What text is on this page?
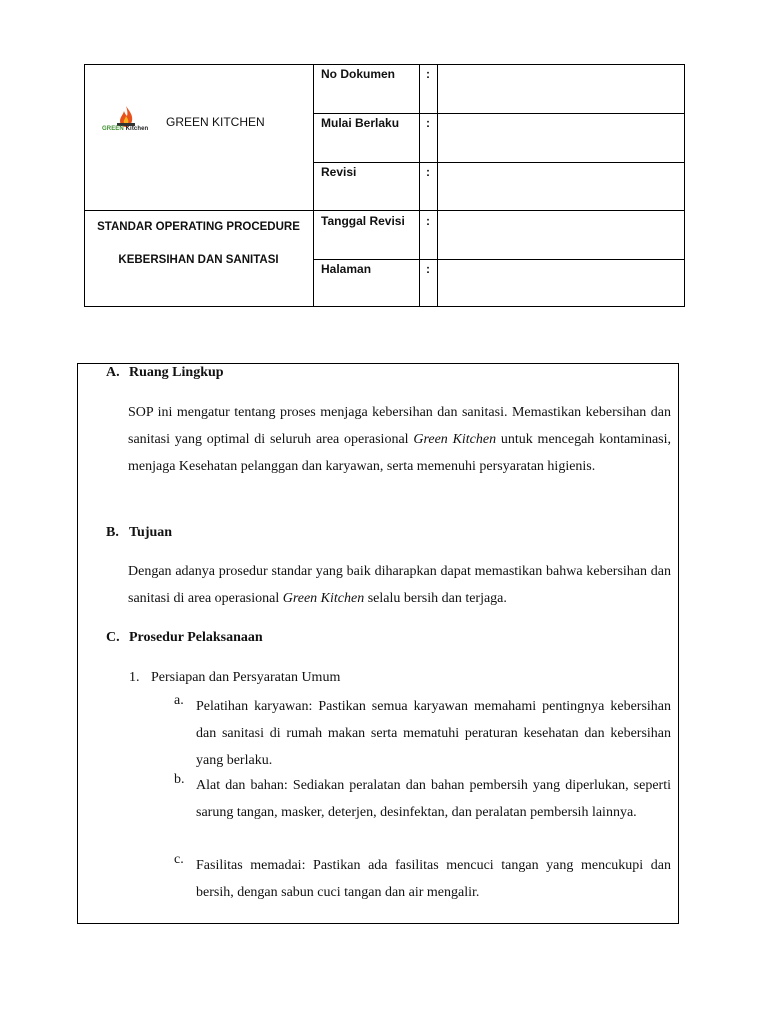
GREEN Kitchen GREEN KITCHEN
STANDAR OPERATING PROCEDURE
KEBERSIHAN DAN SANITASI
No Dokumen	:
Mulai Berlaku :
Revisi	:
Tanggal Revisi :
Halaman	:
A. Ruang Lingkup
SOP ini mengatur tentang proses menjaga kebersihan dan sanitasi. Memastikan kebersihan dan sanitasi yang optimal di seluruh area operasional Green Kitchen untuk mencegah kontaminasi, menjaga Kesehatan pelanggan dan karyawan, serta memenuhi persyaratan higienis.
B. Tujuan
Dengan adanya prosedur standar yang baik diharapkan dapat memastikan bahwa kebersihan dan sanitasi di area operasional Green Kitchen selalu bersih dan terjaga.
C. Prosedur Pelaksanaan
1. Persiapan dan Persyaratan Umum
a. Pelatihan karyawan: Pastikan semua karyawan memahami pentingnya kebersihan dan sanitasi di rumah makan serta mematuhi peraturan kesehatan dan kebersihan yang berlaku.
b. Alat dan bahan: Sediakan peralatan dan bahan pembersih yang diperlukan, seperti sarung tangan, masker, deterjen, desinfektan, dan peralatan pembersih lainnya.
c. Fasilitas memadai: Pastikan ada fasilitas mencuci tangan yang mencukupi dan bersih, dengan sabun cuci tangan dan air mengalir.
